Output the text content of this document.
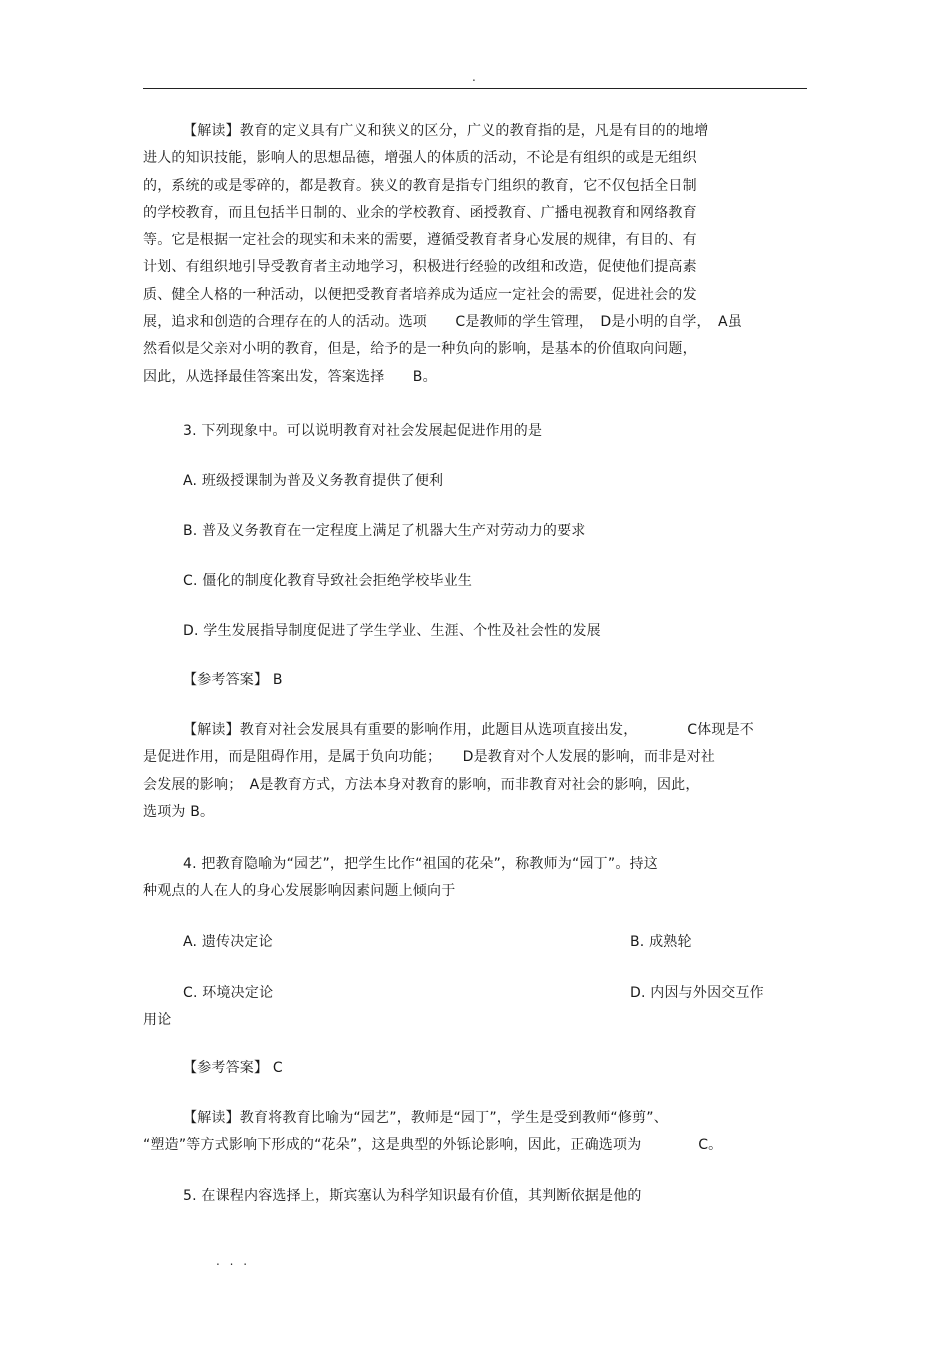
.
【解读】教育的定义具有广义和狭义的区分，广义的教育指的是，凡是有目的的地增
进人的知识技能，影响人的思想品德，增强人的体质的活动，不论是有组织的或是无组织
的，系统的或是零碎的，都是教育。狭义的教育是指专门组织的教育，它不仅包括全日制
的学校教育，而且包括半日制的、业余的学校教育、函授教育、广播电视教育和网络教育
等。它是根据一定社会的现实和未来的需要，遵循受教育者身心发展的规律，有目的、有
计划、有组织地引导受教育者主动地学习，积极进行经验的改组和改造，促使他们提高素
质、健全人格的一种活动，以便把受教育者培养成为适应一定社会的需要，促进社会的发
展，追求和创造的合理存在的人的活动。选项　　C是教师的学生管理，　D是小明的自学，　A虽
然看似是父亲对小明的教育，但是，给予的是一种负向的影响，是基本的价值取向问题，
因此，从选择最佳答案出发，答案选择　　B。
3. 下列现象中。可以说明教育对社会发展起促进作用的是
A. 班级授课制为普及义务教育提供了便利
B. 普及义务教育在一定程度上满足了机器大生产对劳动力的要求
C. 僵化的制度化教育导致社会拒绝学校毕业生
D. 学生发展指导制度促进了学生学业、生涯、个性及社会性的发展
【参考答案】 B
【解读】教育对社会发展具有重要的影响作用，此题目从选项直接出发，　　　　C体现是不
是促进作用，而是阻碍作用，是属于负向功能；　　D是教育对个人发展的影响，而非是对社
会发展的影响；　A是教育方式，方法本身对教育的影响，而非教育对社会的影响，因此，
选项为 B。
4. 把教育隐喻为“园艺”，把学生比作“祖国的花朵”，称教师为“园丁”。持这
种观点的人在人的身心发展影响因素问题上倾向于
A. 遗传决定论	B. 成熟轮
C. 环境决定论	D. 内因与外因交互作
用论
【参考答案】 C
【解读】教育将教育比喻为“园艺”，教师是“园丁”，学生是受到教师“修剪”、
“塑造”等方式影响下形成的“花朵”，这是典型的外铄论影响，因此，正确选项为　　　　C。
5. 在课程内容选择上，斯宾塞认为科学知识最有价值，其判断依据是他的
. . .
